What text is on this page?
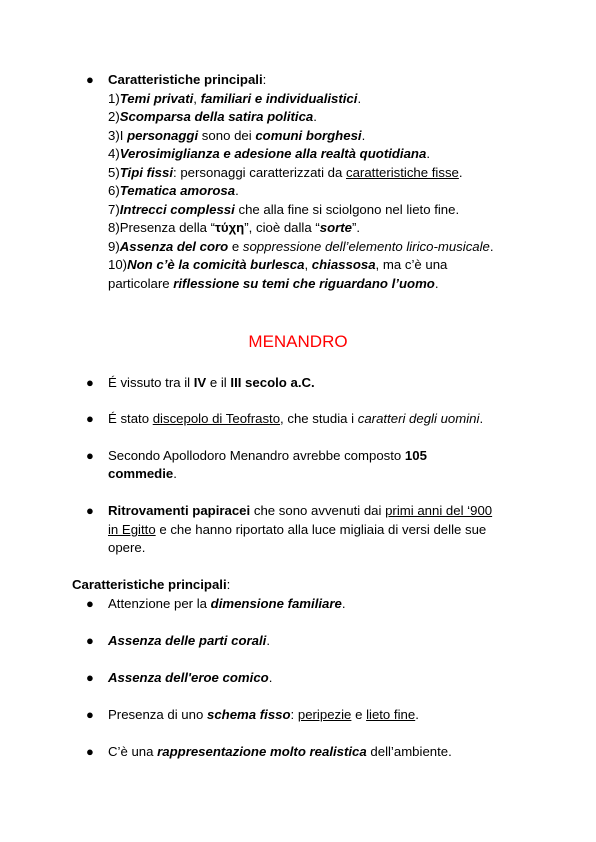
● Caratteristiche principali:
1)Temi privati, familiari e individualistici.
2)Scomparsa della satira politica.
3)I personaggi sono dei comuni borghesi.
4)Verosimiglianza e adesione alla realtà quotidiana.
5)Tipi fissi: personaggi caratterizzati da caratteristiche fisse.
6)Tematica amorosa.
7)Intrecci complessi che alla fine si sciolgono nel lieto fine.
8)Presenza della “τύχη”, cioè dalla “sorte”.
9)Assenza del coro e soppressione dell’elemento lirico-musicale.
10)Non c’è la comicità burlesca, chiassosa, ma c’è una
particolare riflessione su temi che riguardano l’uomo.
MENANDRO
● É vissuto tra il IV e il III secolo a.C.
● É stato discepolo di Teofrasto, che studia i caratteri degli uomini.
● Secondo Apollodoro Menandro avrebbe composto 105
commedie.
● Ritrovamenti papiracei che sono avvenuti dai primi anni del ‘900
in Egitto e che hanno riportato alla luce migliaia di versi delle sue
opere.
Caratteristiche principali:
● Attenzione per la dimensione familiare.
● Assenza delle parti corali.
● Assenza dell'eroe comico.
● Presenza di uno schema fisso: peripezie e lieto fine.
● C’è una rappresentazione molto realistica dell’ambiente.
